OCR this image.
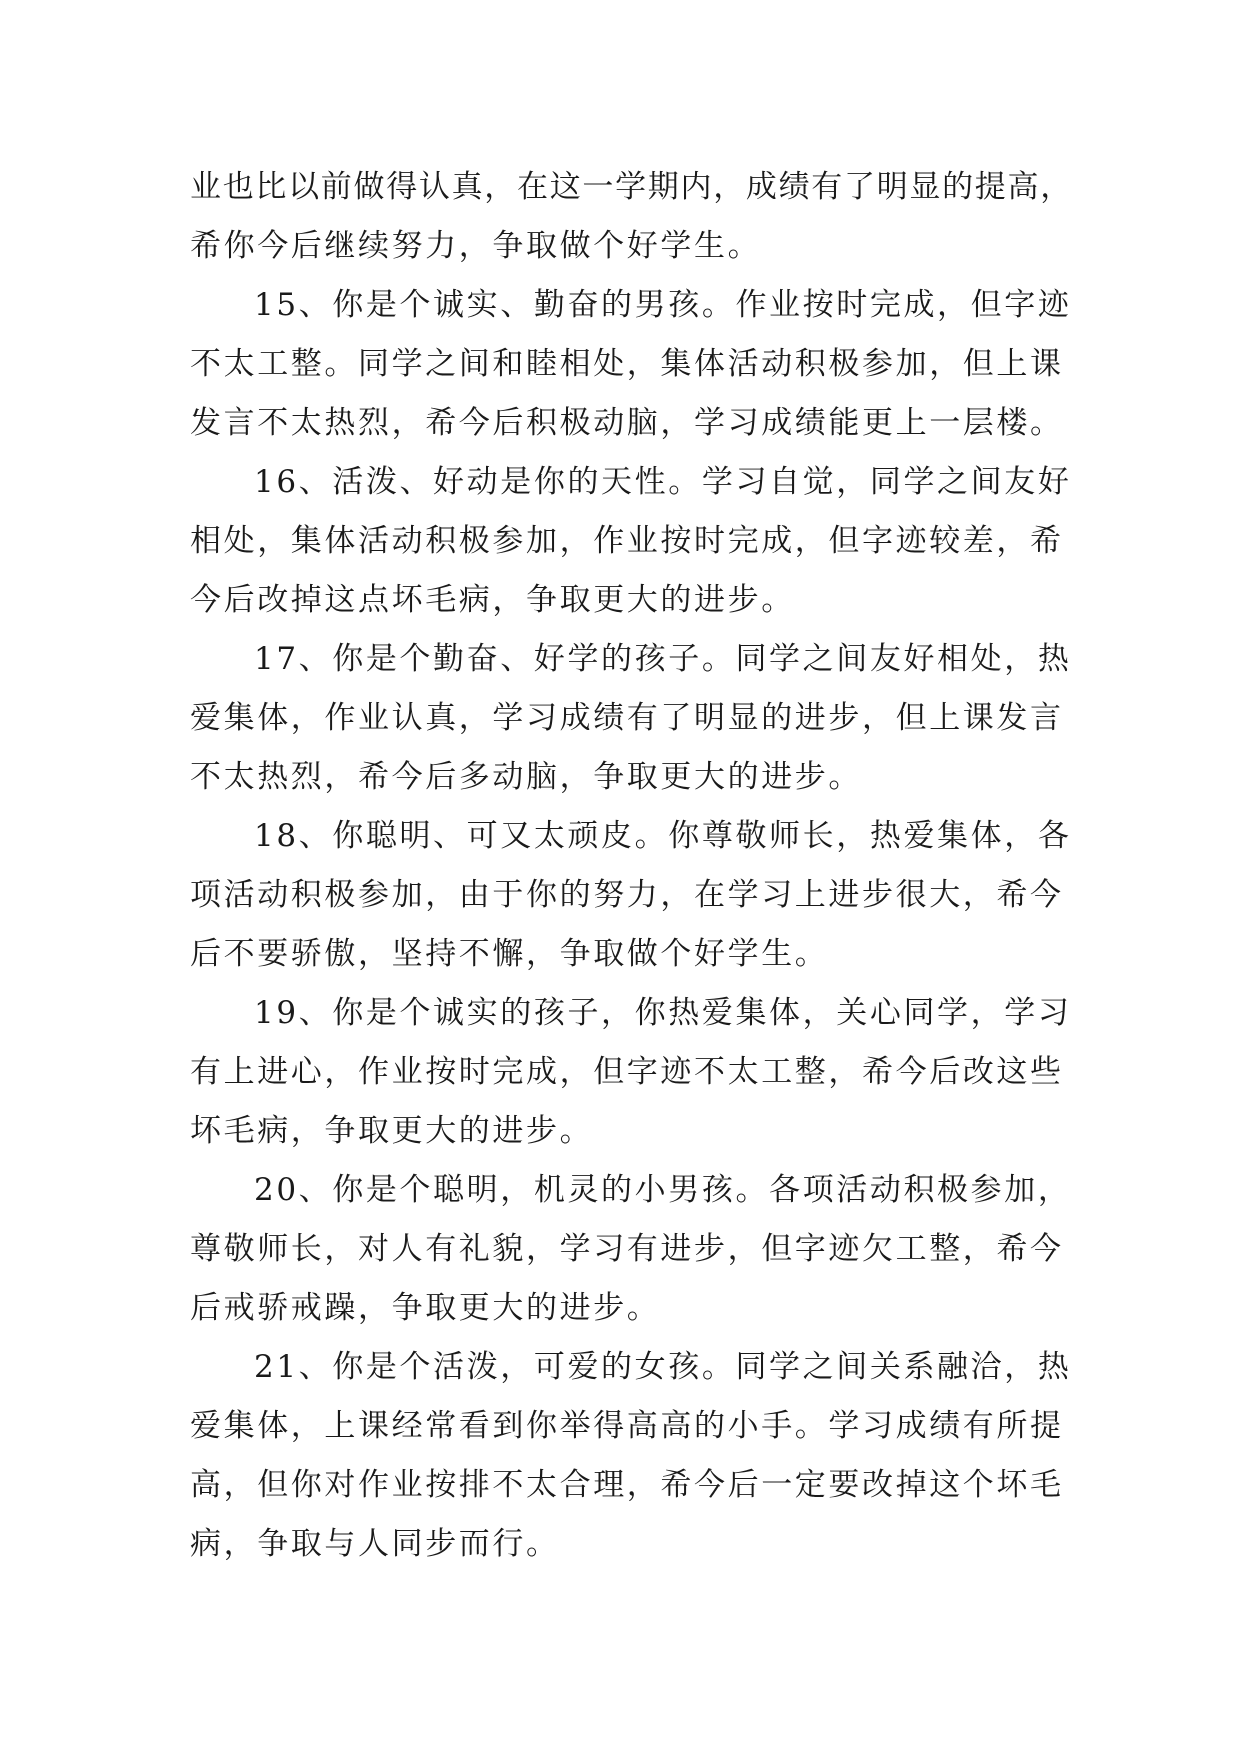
业也比以前做得认真，在这一学期内，成绩有了明显的提高，
希你今后继续努力，争取做个好学生。
15、你是个诚实、勤奋的男孩。作业按时完成，但字迹
不太工整。同学之间和睦相处，集体活动积极参加，但上课
发言不太热烈，希今后积极动脑，学习成绩能更上一层楼。
16、活泼、好动是你的天性。学习自觉，同学之间友好
相处，集体活动积极参加，作业按时完成，但字迹较差，希
今后改掉这点坏毛病，争取更大的进步。
17、你是个勤奋、好学的孩子。同学之间友好相处，热
爱集体，作业认真，学习成绩有了明显的进步，但上课发言
不太热烈，希今后多动脑，争取更大的进步。
18、你聪明、可又太顽皮。你尊敬师长，热爱集体，各
项活动积极参加，由于你的努力，在学习上进步很大，希今
后不要骄傲，坚持不懈，争取做个好学生。
19、你是个诚实的孩子，你热爱集体，关心同学，学习
有上进心，作业按时完成，但字迹不太工整，希今后改这些
坏毛病，争取更大的进步。
20、你是个聪明，机灵的小男孩。各项活动积极参加，
尊敬师长，对人有礼貌，学习有进步，但字迹欠工整，希今
后戒骄戒躁，争取更大的进步。
21、你是个活泼，可爱的女孩。同学之间关系融洽，热
爱集体，上课经常看到你举得高高的小手。学习成绩有所提
高，但你对作业按排不太合理，希今后一定要改掉这个坏毛
病，争取与人同步而行。
